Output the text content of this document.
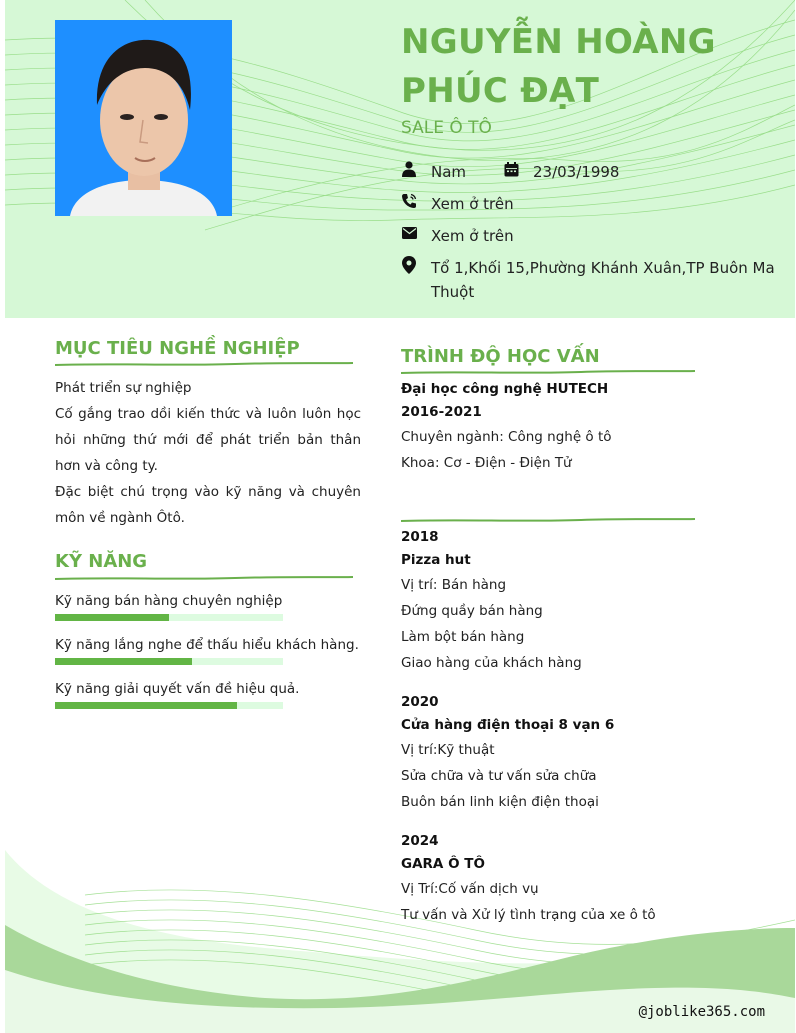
NGUYỄN HOÀNG
PHÚC ĐẠT
SALE Ô TÔ
Nam	23/03/1998
Xem ở trên
Xem ở trên
Tổ 1,Khối 15,Phường Khánh Xuân,TP Buôn Ma
Thuột
MỤC TIÊU NGHỀ NGHIỆP
Phát triển sự nghiệp
Cố gắng trao dồi kiến thức và luôn luôn học hỏi những thứ mới để phát triển bản thân hơn và công ty.
Đặc biệt chú trọng vào kỹ năng và chuyên môn về ngành Ôtô.
KỸ NĂNG
Kỹ năng bán hàng chuyên nghiệp
Kỹ năng lắng nghe để thấu hiểu khách hàng.
Kỹ năng giải quyết vấn đề hiệu quả.
TRÌNH ĐỘ HỌC VẤN
Đại học công nghệ HUTECH
2016-2021
Chuyên ngành: Công nghệ ô tô
Khoa: Cơ - Điện - Điện Tử
2018
Pizza hut
Vị trí: Bán hàng
Đứng quầy bán hàng
Làm bột bán hàng
Giao hàng của khách hàng
2020
Cửa hàng điện thoại 8 vạn 6
Vị trí:Kỹ thuật
Sửa chữa và tư vấn sửa chữa
Buôn bán linh kiện điện thoại
2024
GARA Ô TÔ
Vị Trí:Cố vấn dịch vụ
Tư vấn và Xử lý tình trạng của xe ô tô
@joblike365.com
